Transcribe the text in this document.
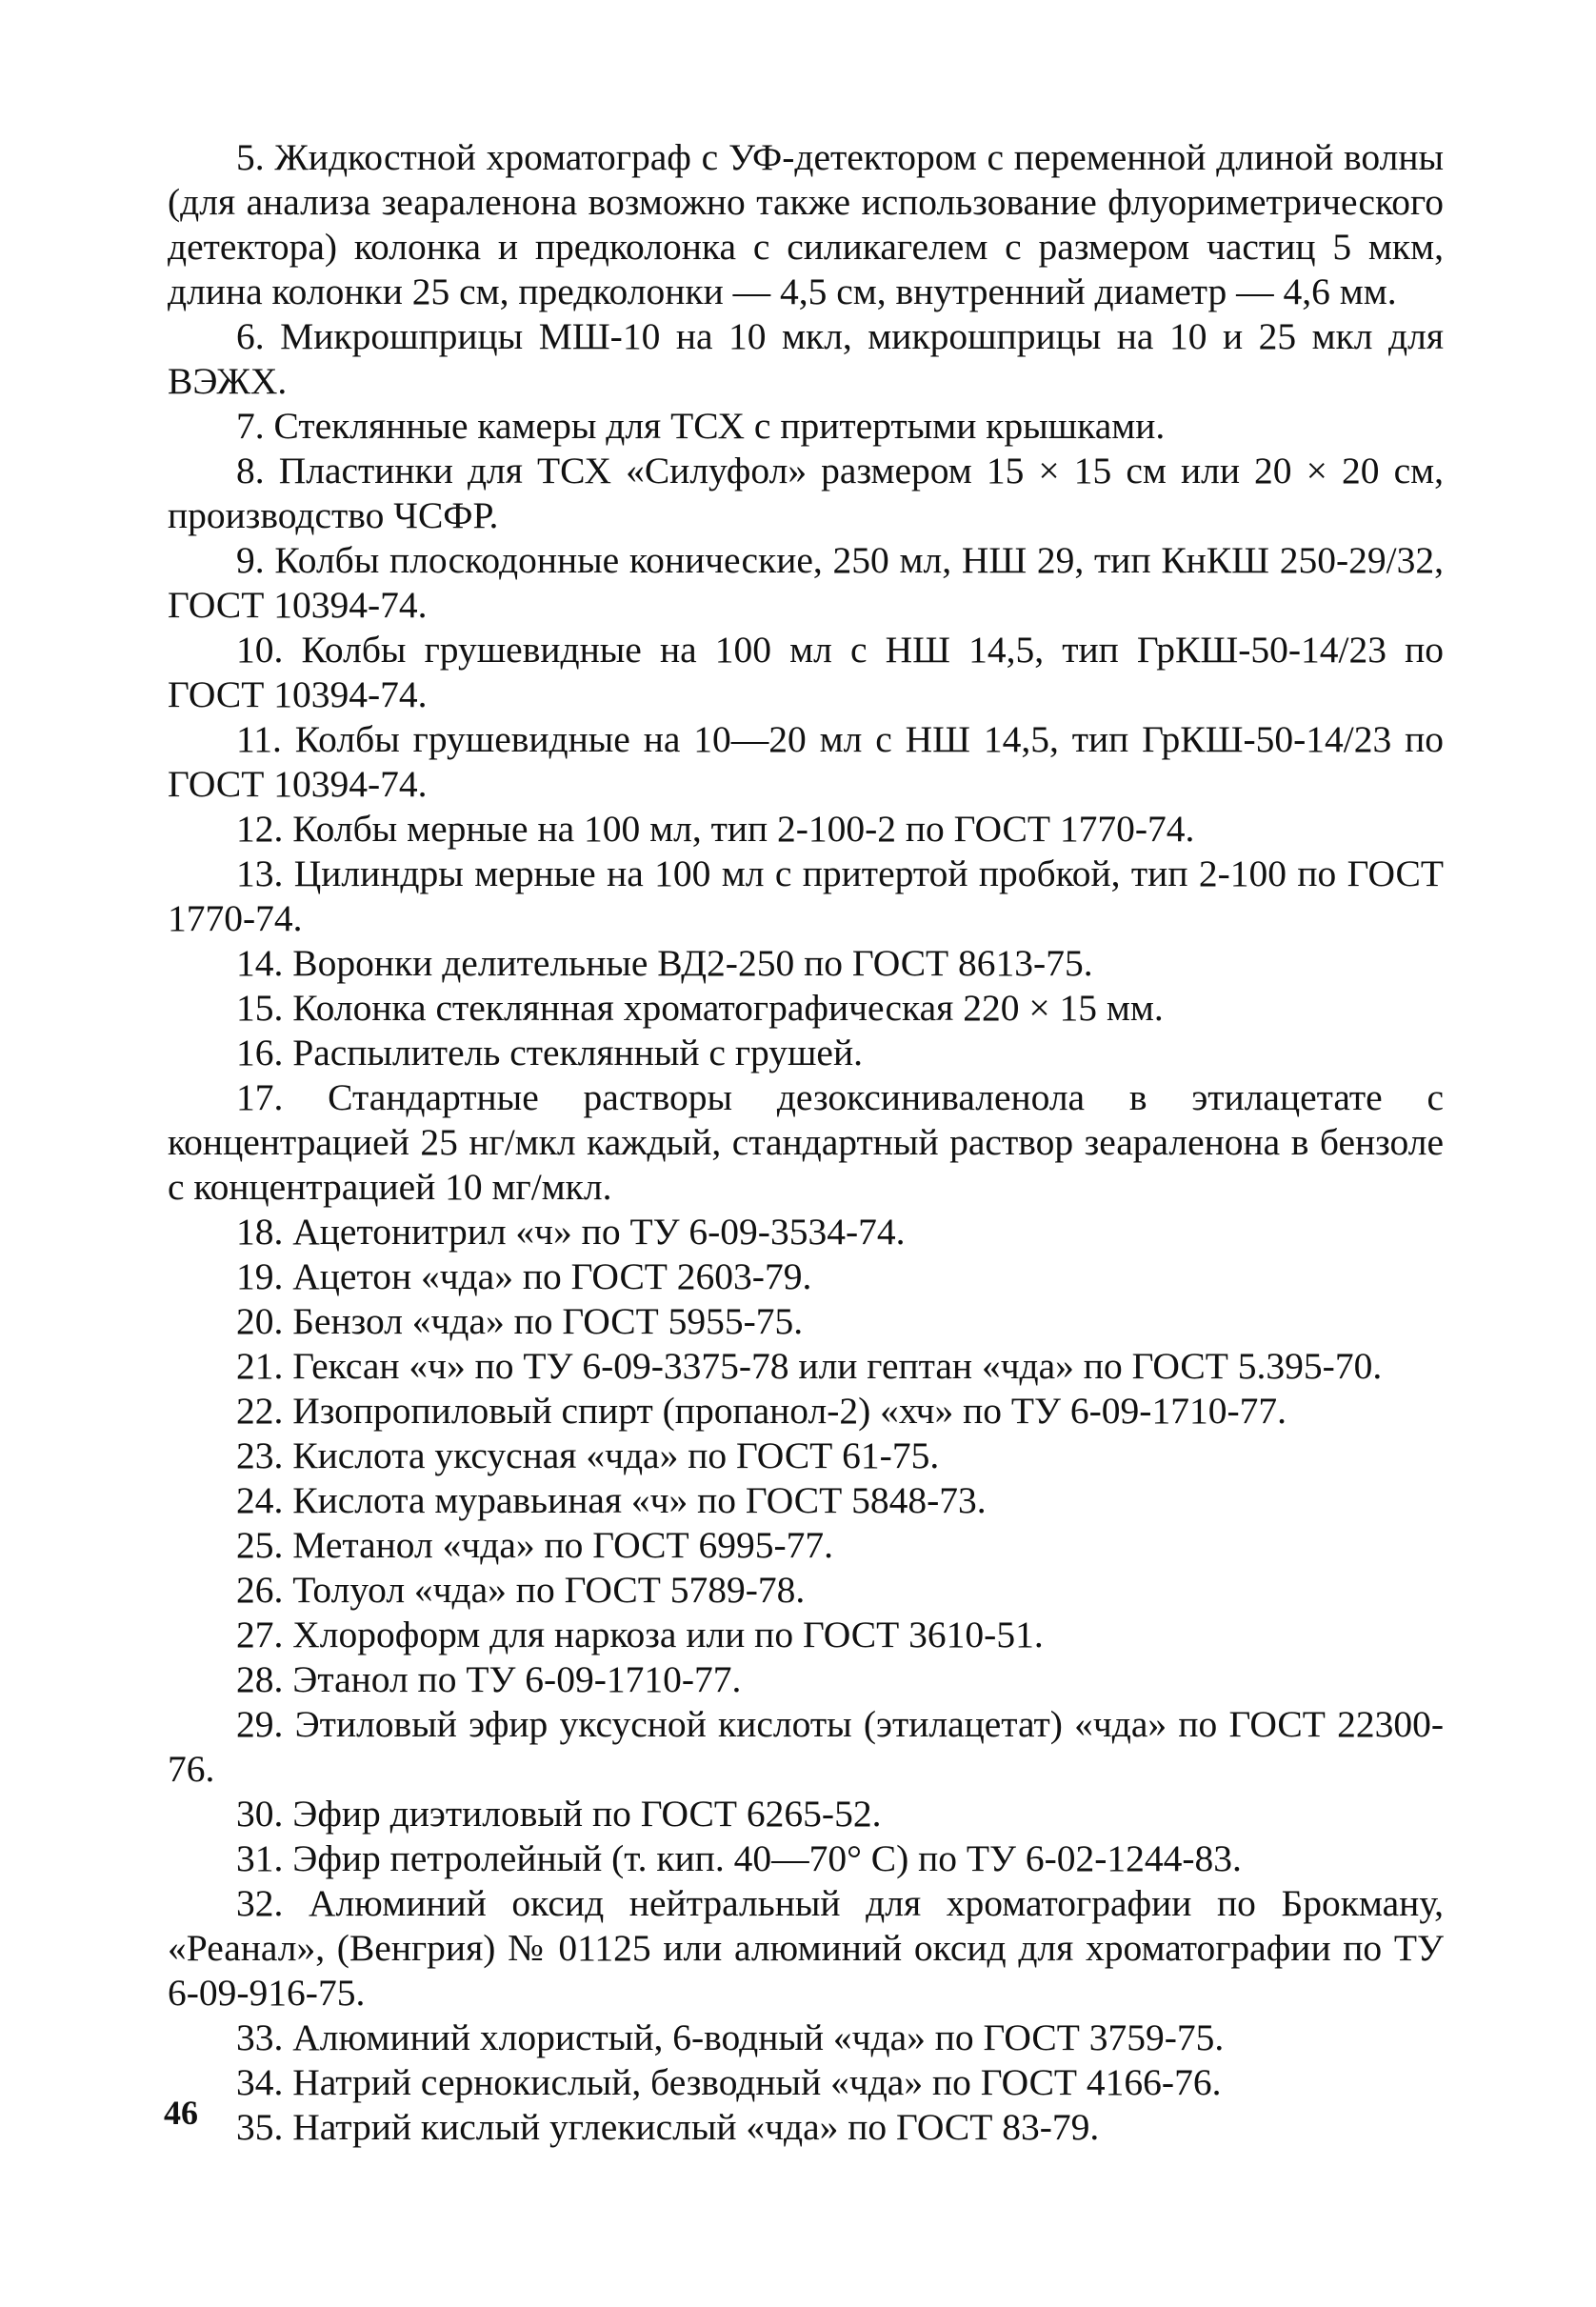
5. Жидкостной хроматограф с УФ-детектором с переменной длиной волны (для анализа зеараленона возможно также использование флуориметрического детектора) колонка и предколонка с силикагелем с размером частиц 5 мкм, длина колонки 25 см, предколонки — 4,5 см, внутренний диаметр — 4,6 мм.

6. Микрошприцы МШ-10 на 10 мкл, микрошприцы на 10 и 25 мкл для ВЭЖХ.

7. Стеклянные камеры для ТСХ с притертыми крышками.

8. Пластинки для ТСХ «Силуфол» размером 15 × 15 см или 20 × 20 см, производство ЧСФР.

9. Колбы плоскодонные конические, 250 мл, НШ 29, тип КнКШ 250-29/32, ГОСТ 10394-74.

10. Колбы грушевидные на 100 мл с НШ 14,5, тип ГрКШ-50-14/23 по ГОСТ 10394-74.

11. Колбы грушевидные на 10—20 мл с НШ 14,5, тип ГрКШ-50-14/23 по ГОСТ 10394-74.

12. Колбы мерные на 100 мл, тип 2-100-2 по ГОСТ 1770-74.

13. Цилиндры мерные на 100 мл с притертой пробкой, тип 2-100 по ГОСТ 1770-74.

14. Воронки делительные ВД2-250 по ГОСТ 8613-75.

15. Колонка стеклянная хроматографическая 220 × 15 мм.

16. Распылитель стеклянный с грушей.

17. Стандартные растворы дезоксиниваленола в этилацетате с концентрацией 25 нг/мкл каждый, стандартный раствор зеараленона в бензоле с концентрацией 10 мг/мкл.

18. Ацетонитрил «ч» по ТУ 6-09-3534-74.

19. Ацетон «чда» по ГОСТ 2603-79.

20. Бензол «чда» по ГОСТ 5955-75.

21. Гексан «ч» по ТУ 6-09-3375-78 или гептан «чда» по ГОСТ 5.395-70.

22. Изопропиловый спирт (пропанол-2) «хч» по ТУ 6-09-1710-77.

23. Кислота уксусная «чда» по ГОСТ 61-75.

24. Кислота муравьиная «ч» по ГОСТ 5848-73.

25. Метанол «чда» по ГОСТ 6995-77.

26. Толуол «чда» по ГОСТ 5789-78.

27. Хлороформ для наркоза или по ГОСТ 3610-51.

28. Этанол по ТУ 6-09-1710-77.

29. Этиловый эфир уксусной кислоты (этилацетат) «чда» по ГОСТ 22300-76.

30. Эфир диэтиловый по ГОСТ 6265-52.

31. Эфир петролейный (т. кип. 40—70° С) по ТУ 6-02-1244-83.

32. Алюминий оксид нейтральный для хроматографии по Брокману, «Реанал», (Венгрия) № 01125 или алюминий оксид для хроматографии по ТУ 6-09-916-75.

33. Алюминий хлористый, 6-водный «чда» по ГОСТ 3759-75.

34. Натрий сернокислый, безводный «чда» по ГОСТ 4166-76.

35. Натрий кислый углекислый «чда» по ГОСТ 83-79.

46
